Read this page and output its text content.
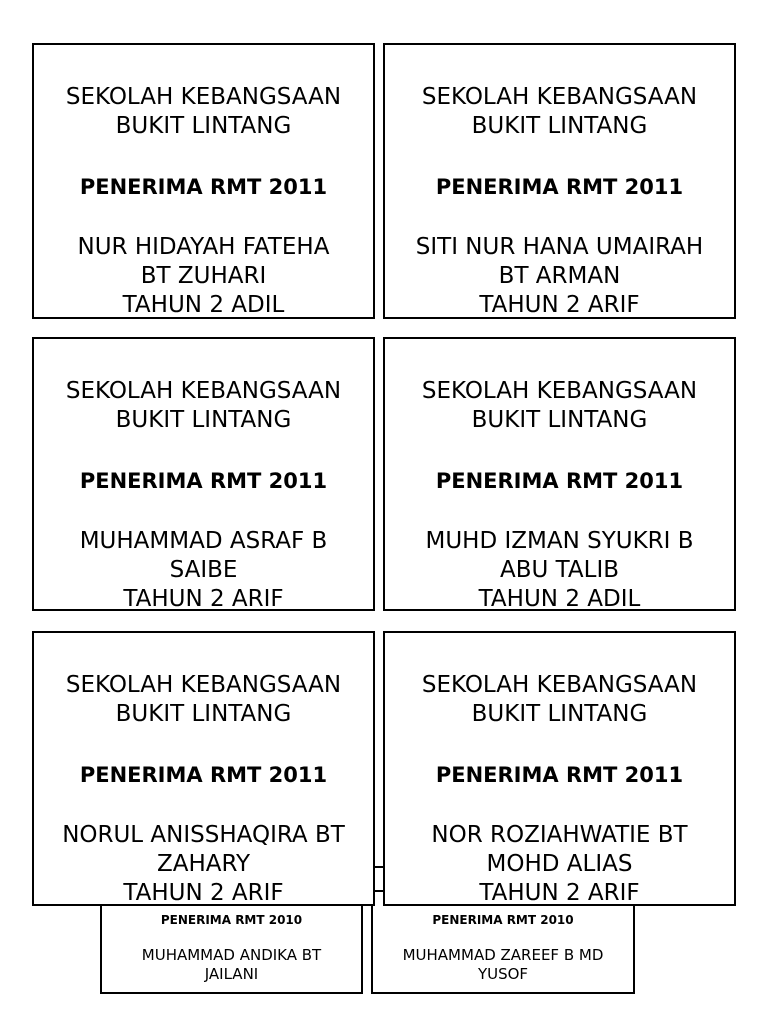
PENERIMA RMT 2010
MUHAMMAD ANDIKA BT
JAILANI
PENERIMA RMT 2010
MUHAMMAD ZAREEF B MD
YUSOF
SEKOLAH KEBANGSAAN
BUKIT LINTANG
PENERIMA RMT 2011
NUR HIDAYAH FATEHA
BT ZUHARI
TAHUN 2 ADIL
SEKOLAH KEBANGSAAN
BUKIT LINTANG
PENERIMA RMT 2011
SITI NUR HANA UMAIRAH
BT ARMAN
TAHUN 2 ARIF
SEKOLAH KEBANGSAAN
BUKIT LINTANG
PENERIMA RMT 2011
MUHAMMAD ASRAF B
SAIBE
TAHUN 2 ARIF
SEKOLAH KEBANGSAAN
BUKIT LINTANG
PENERIMA RMT 2011
MUHD IZMAN SYUKRI B
ABU TALIB
TAHUN 2 ADIL
SEKOLAH KEBANGSAAN
BUKIT LINTANG
PENERIMA RMT 2011
NORUL ANISSHAQIRA BT
ZAHARY
TAHUN 2 ARIF
SEKOLAH KEBANGSAAN
BUKIT LINTANG
PENERIMA RMT 2011
NOR ROZIAHWATIE BT
MOHD ALIAS
TAHUN 2 ARIF
